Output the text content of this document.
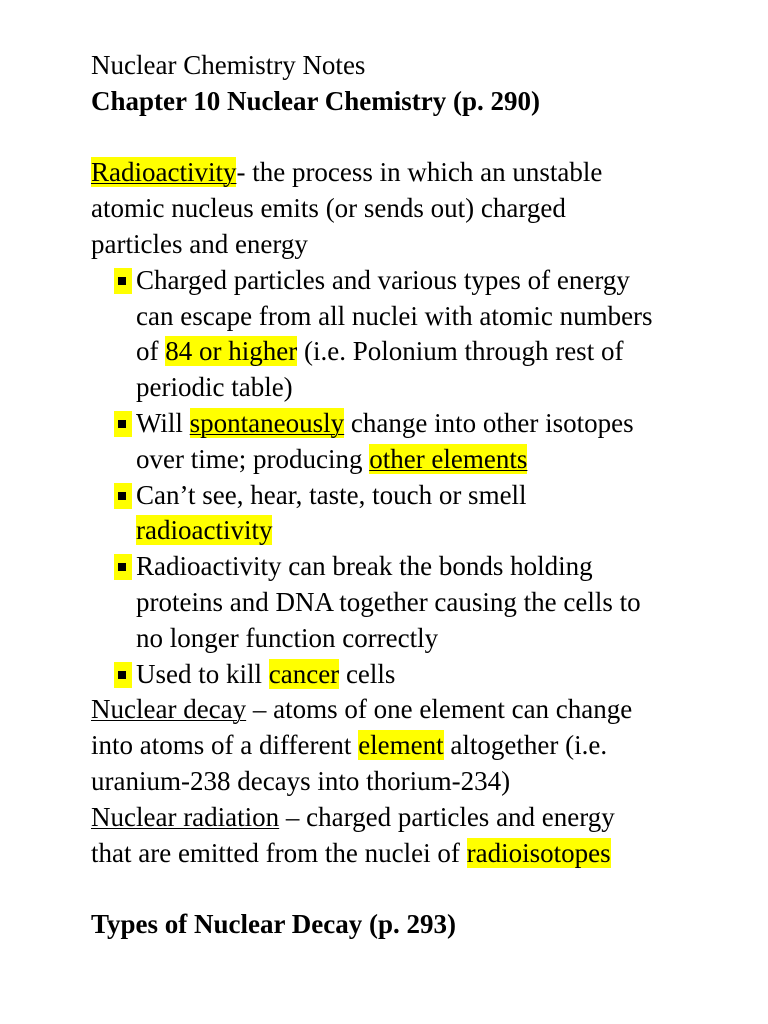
Nuclear Chemistry Notes
Chapter 10 Nuclear Chemistry (p. 290)
Radioactivity- the process in which an unstable
atomic nucleus emits (or sends out) charged
particles and energy
Charged particles and various types of energy
can escape from all nuclei with atomic numbers
of 84 or higher (i.e. Polonium through rest of
periodic table)
Will spontaneously change into other isotopes
over time; producing other elements
Can’t see, hear, taste, touch or smell
radioactivity
Radioactivity can break the bonds holding
proteins and DNA together causing the cells to
no longer function correctly
Used to kill cancer cells
Nuclear decay – atoms of one element can change
into atoms of a different element altogether (i.e.
uranium-238 decays into thorium-234)
Nuclear radiation – charged particles and energy
that are emitted from the nuclei of radioisotopes
Types of Nuclear Decay (p. 293)
